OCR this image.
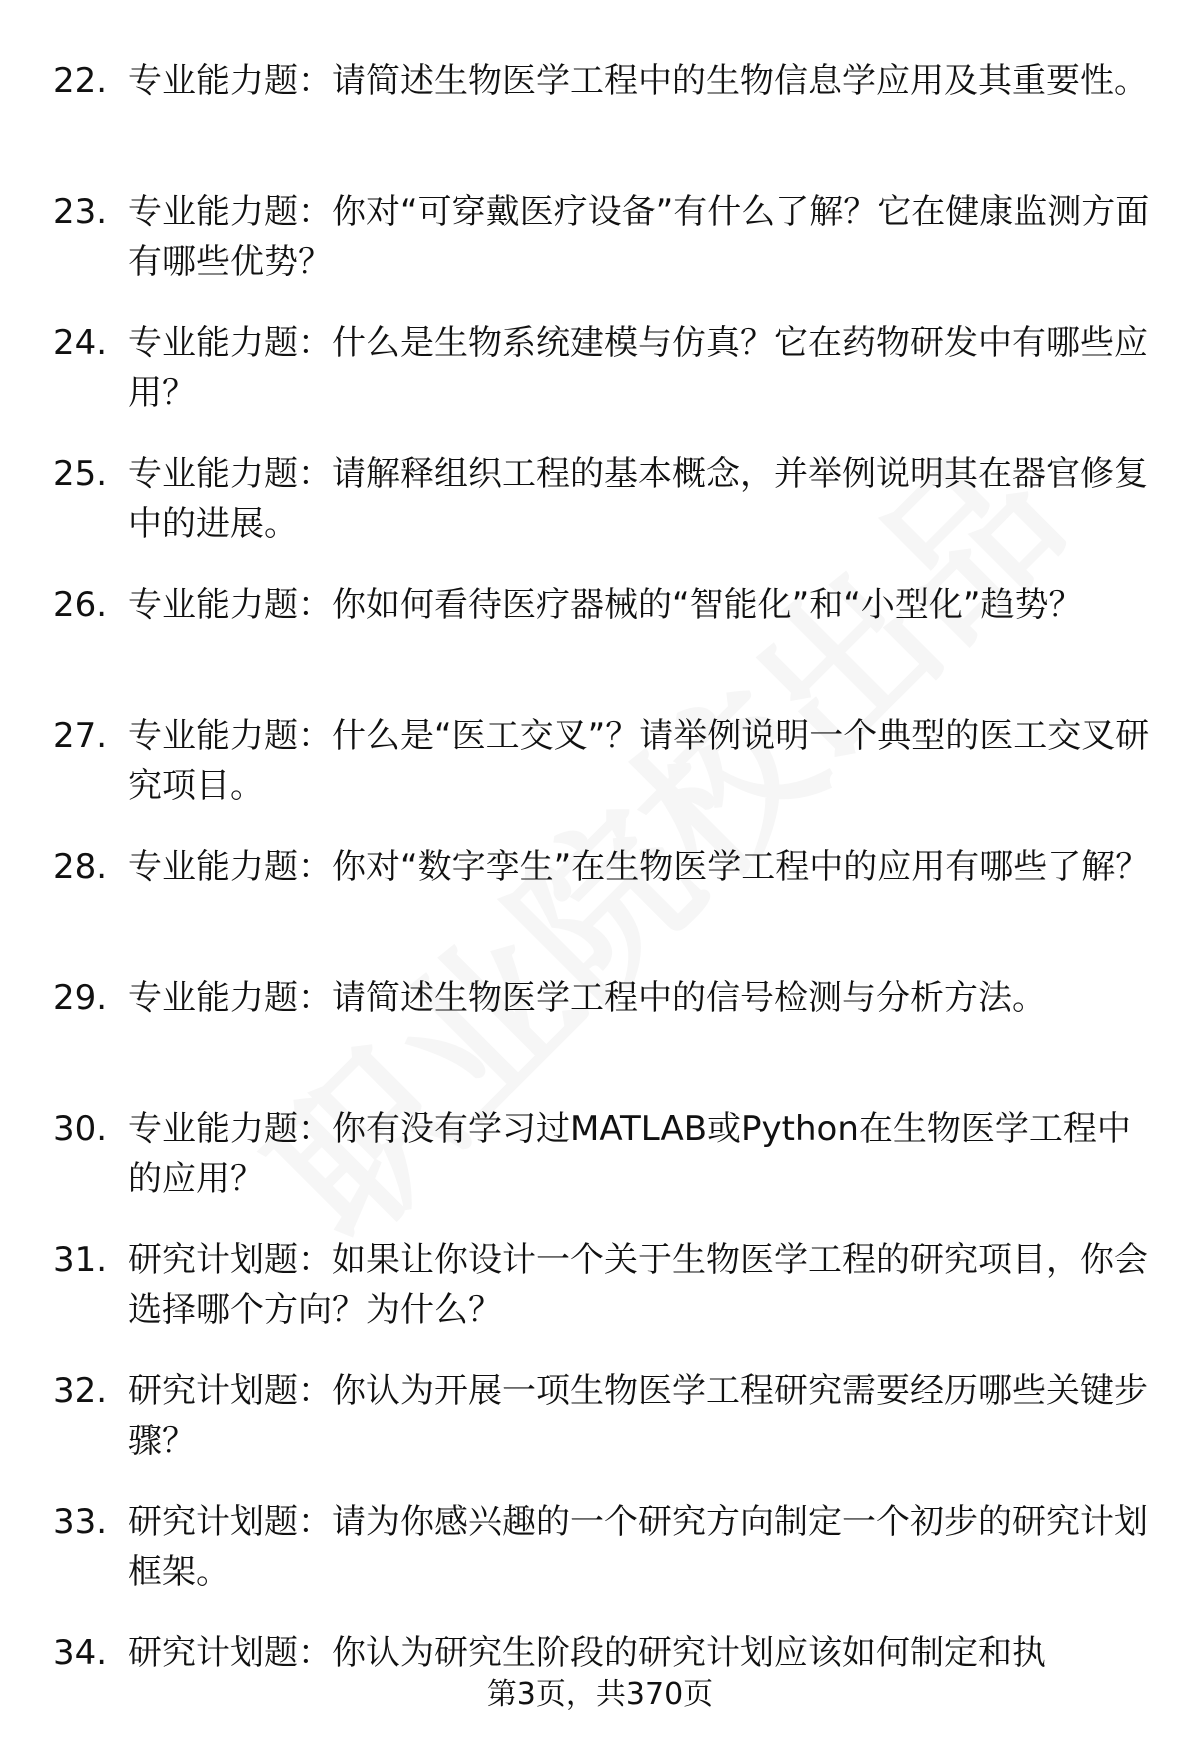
22. 专业能力题：请简述生物医学工程中的生物信息学应用及其重要性。
23. 专业能力题：你对“可穿戴医疗设备”有什么了解？它在健康监测方面有哪些优势？
24. 专业能力题：什么是生物系统建模与仿真？它在药物研发中有哪些应用？
25. 专业能力题：请解释组织工程的基本概念，并举例说明其在器官修复中的进展。
26. 专业能力题：你如何看待医疗器械的“智能化”和“小型化”趋势？
27. 专业能力题：什么是“医工交叉”？请举例说明一个典型的医工交叉研究项目。
28. 专业能力题：你对“数字孪生”在生物医学工程中的应用有哪些了解？
29. 专业能力题：请简述生物医学工程中的信号检测与分析方法。
30. 专业能力题：你有没有学习过MATLAB或Python在生物医学工程中的应用？
31. 研究计划题：如果让你设计一个关于生物医学工程的研究项目，你会选择哪个方向？为什么？
32. 研究计划题：你认为开展一项生物医学工程研究需要经历哪些关键步骤？
33. 研究计划题：请为你感兴趣的一个研究方向制定一个初步的研究计划框架。
34. 研究计划题：你认为研究生阶段的研究计划应该如何制定和执
第3页，共370页
